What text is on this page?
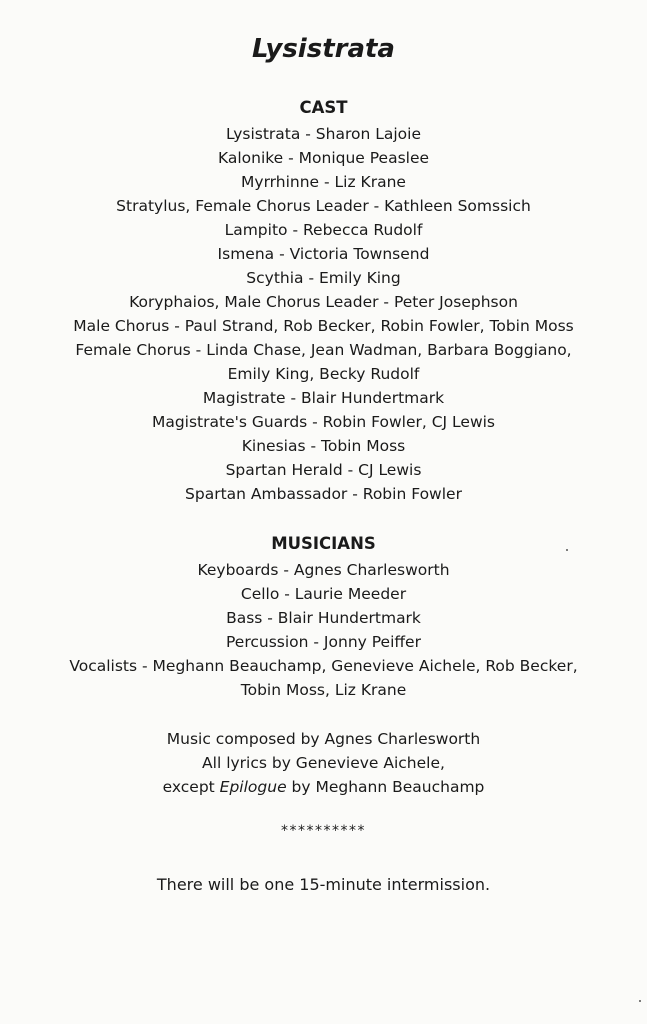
Lysistrata
CAST
Lysistrata - Sharon Lajoie
Kalonike - Monique Peaslee
Myrrhinne - Liz Krane
Stratylus, Female Chorus Leader - Kathleen Somssich
Lampito - Rebecca Rudolf
Ismena - Victoria Townsend
Scythia - Emily King
Koryphaios, Male Chorus Leader - Peter Josephson
Male Chorus - Paul Strand, Rob Becker, Robin Fowler, Tobin Moss
Female Chorus - Linda Chase, Jean Wadman, Barbara Boggiano,
Emily King, Becky Rudolf
Magistrate - Blair Hundertmark
Magistrate's Guards - Robin Fowler, CJ Lewis
Kinesias - Tobin Moss
Spartan Herald - CJ Lewis
Spartan Ambassador - Robin Fowler
MUSICIANS
Keyboards - Agnes Charlesworth
Cello - Laurie Meeder
Bass - Blair Hundertmark
Percussion - Jonny Peiffer
Vocalists - Meghann Beauchamp, Genevieve Aichele, Rob Becker,
Tobin Moss, Liz Krane
Music composed by Agnes Charlesworth
All lyrics by Genevieve Aichele,
except Epilogue by Meghann Beauchamp
**********
There will be one 15-minute intermission.
